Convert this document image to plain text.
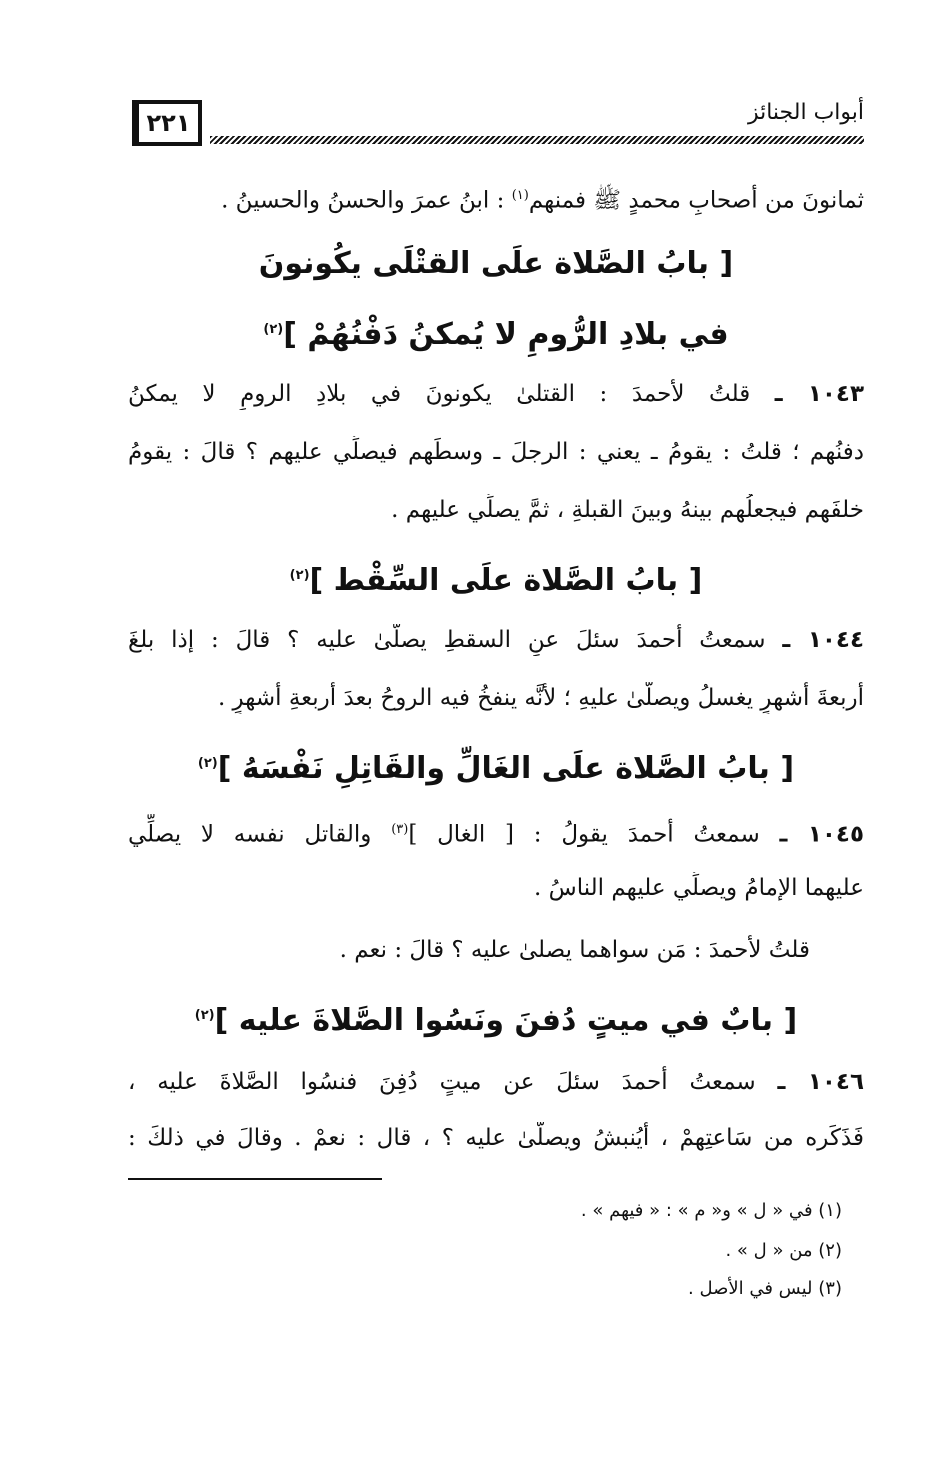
أبواب الجنائز
٢٢١
ثمانونَ من أصحابِ محمدٍ ﷺ فمنهم$^{(١)}$ : ابنُ عمرَ والحسنُ والحسينُ .
[ بابُ الصَّلاة علَى القتْلَى يكُونونَ
في بلادِ الرُّومِ لا يُمكنُ دَفْنُهُمْ ]$^{(٢)}$
١٠٤٣ ـ قلتُ لأحمدَ : القتلىٰ يكونونَ في بلادِ الرومِ لا يمكنُ
دفنُهم ؛ قلتُ : يقومُ ـ يعني : الرجلَ ـ وسطَهم فيصلِّي عليهم ؟ قالَ : يقومُ
خلفَهم فيجعلُهم بينهُ وبينَ القبلةِ ، ثمَّ يصلِّي عليهم .
[ بابُ الصَّلاة علَى السِّقْط ]$^{(٢)}$
١٠٤٤ ـ سمعتُ أحمدَ سئلَ عنِ السقطِ يصلَّىٰ عليه ؟ قالَ : إذا بلغَ
أربعةَ أشهرٍ يغسلُ ويصلَّىٰ عليهِ ؛ لأنَّه ينفخُ فيه الروحُ بعدَ أربعةِ أشهرٍ .
[ بابُ الصَّلاة علَى الغَالِّ والقَاتِلِ نَفْسَهُ ]$^{(٢)}$
١٠٤٥ ـ سمعتُ أحمدَ يقولُ : [ الغال ]$^{(٣)}$ والقاتل نفسه لا يصلِّي
عليهما الإمامُ ويصلِّي عليهم الناسُ .
قلتُ لأحمدَ : مَن سواهما يصلىٰ عليه ؟ قالَ : نعم .
[ بابٌ في ميتٍ دُفنَ ونَسُوا الصَّلاةَ عليه ]$^{(٢)}$
١٠٤٦ ـ سمعتُ أحمدَ سئلَ عن ميتٍ دُفِنَ فنسُوا الصَّلاةَ عليه ،
فَذَكَره من سَاعتِهمْ ، أيُنبشُ ويصلَّىٰ عليه ؟ ، قال : نعمْ . وقالَ في ذلكَ :
(١) في « ل » و« م » : « فيهم » .
(٢) من « ل » .
(٣) ليس في الأصل .
